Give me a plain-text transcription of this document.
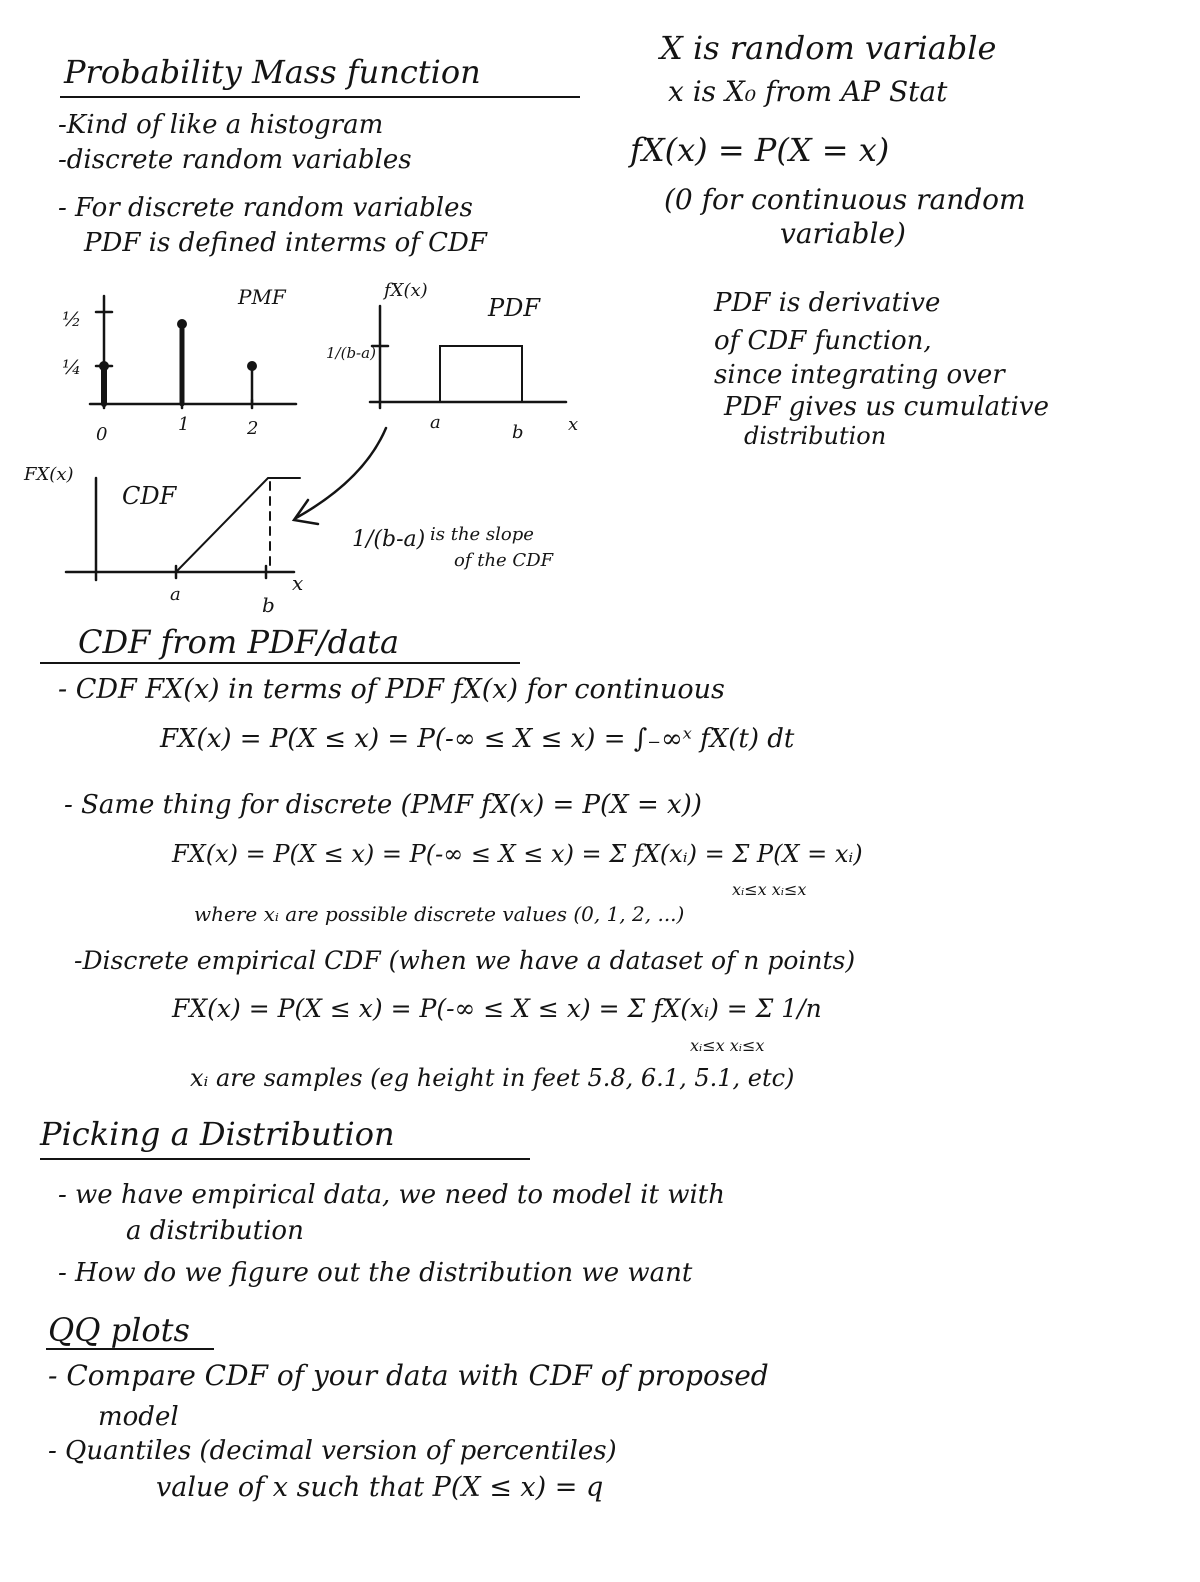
Probability Mass function
-Kind of like a histogram
-discrete random variables
- For discrete random variables
PDF is defined interms of CDF
X is random variable
x is X₀ from AP Stat
fX(x) = P(X = x)
(0 for continuous random
variable)
PMF
½
¼
0	1	2
fX(x)
PDF
1/(b-a)
a	b x
FX(x)
CDF
a	b
x
1/(b-a) is the slope
of the CDF
PDF is derivative
of CDF function,
since integrating over
PDF gives us cumulative
distribution
CDF from PDF/data
- CDF FX(x) in terms of PDF fX(x) for continuous
FX(x) = P(X ≤ x) = P(-∞ ≤ X ≤ x) = ∫₋∞ˣ fX(t) dt
- Same thing for discrete (PMF fX(x) = P(X = x))
FX(x) = P(X ≤ x) = P(-∞ ≤ X ≤ x) = Σ fX(xᵢ) = Σ P(X = xᵢ)
xᵢ≤x xᵢ≤x
where xᵢ are possible discrete values (0, 1, 2, ...)
-Discrete empirical CDF (when we have a dataset of n points)
FX(x) = P(X ≤ x) = P(-∞ ≤ X ≤ x) = Σ fX(xᵢ) = Σ 1/n
xᵢ≤x xᵢ≤x
xᵢ are samples (eg height in feet 5.8, 6.1, 5.1, etc)
Picking a Distribution
- we have empirical data, we need to model it with
a distribution
- How do we figure out the distribution we want
QQ plots
- Compare CDF of your data with CDF of proposed
model
- Quantiles (decimal version of percentiles)
value of x such that P(X ≤ x) = q
